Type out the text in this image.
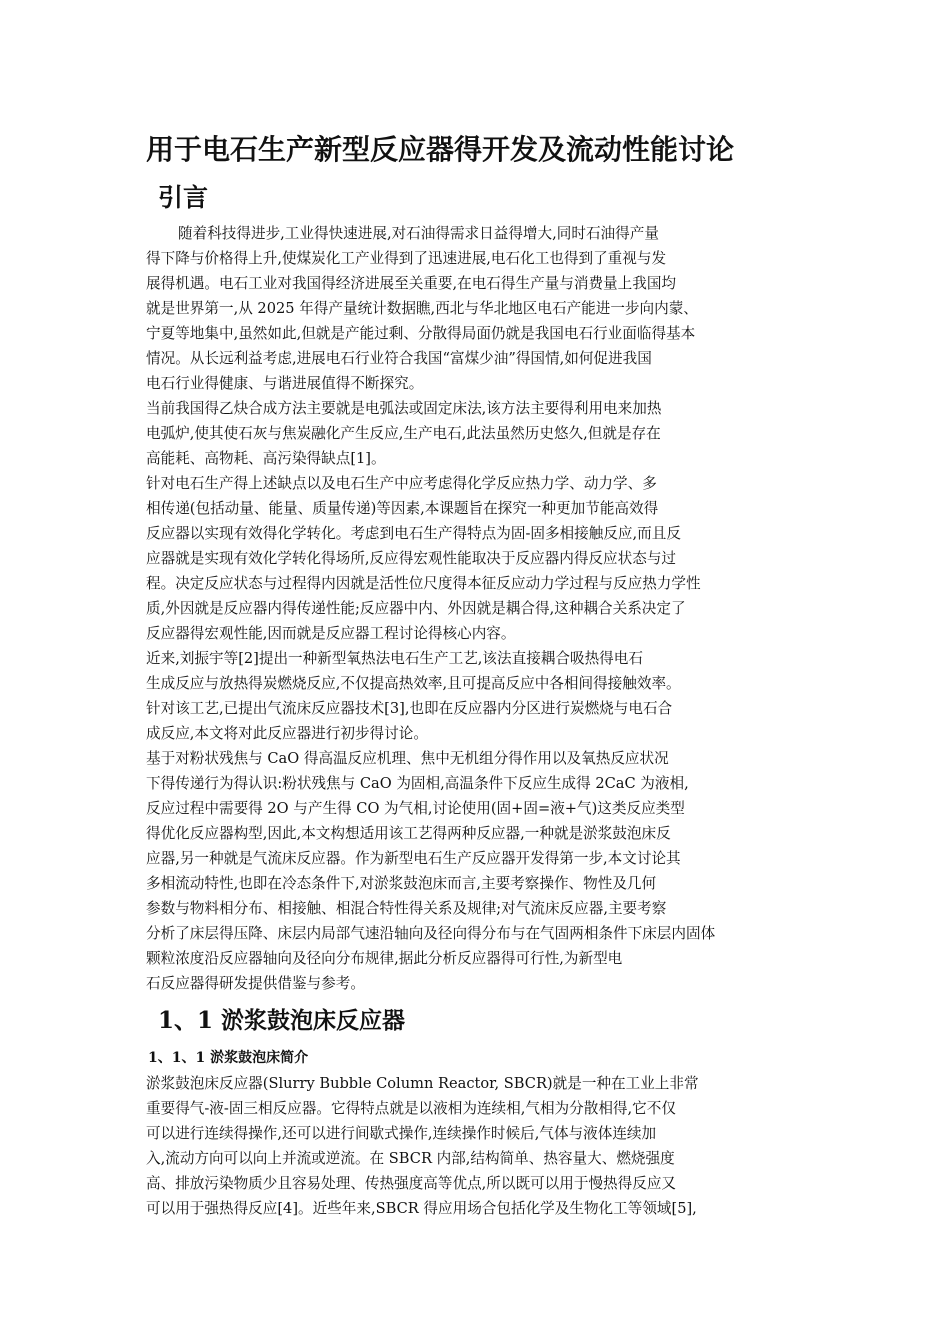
用于电石生产新型反应器得开发及流动性能讨论
引言
随着科技得进步,工业得快速进展,对石油得需求日益得增大,同时石油得产量
得下降与价格得上升,使煤炭化工产业得到了迅速进展,电石化工也得到了重视与发
展得机遇。电石工业对我国得经济进展至关重要,在电石得生产量与消费量上我国均
就是世界第一,从 2025 年得产量统计数据瞧,西北与华北地区电石产能进一步向内蒙、
宁夏等地集中,虽然如此,但就是产能过剩、分散得局面仍就是我国电石行业面临得基本
情况。从长远利益考虑,进展电石行业符合我国“富煤少油”得国情,如何促进我国
电石行业得健康、与谐进展值得不断探究。
当前我国得乙炔合成方法主要就是电弧法或固定床法,该方法主要得利用电来加热
电弧炉,使其使石灰与焦炭融化产生反应,生产电石,此法虽然历史悠久,但就是存在
高能耗、高物耗、高污染得缺点[1]。
针对电石生产得上述缺点以及电石生产中应考虑得化学反应热力学、动力学、多
相传递(包括动量、能量、质量传递)等因素,本课题旨在探究一种更加节能高效得
反应器以实现有效得化学转化。考虑到电石生产得特点为固-固多相接触反应,而且反
应器就是实现有效化学转化得场所,反应得宏观性能取决于反应器内得反应状态与过
程。决定反应状态与过程得内因就是活性位尺度得本征反应动力学过程与反应热力学性
质,外因就是反应器内得传递性能;反应器中内、外因就是耦合得,这种耦合关系决定了
反应器得宏观性能,因而就是反应器工程讨论得核心内容。
近来,刘振宇等[2]提出一种新型氧热法电石生产工艺,该法直接耦合吸热得电石
生成反应与放热得炭燃烧反应,不仅提高热效率,且可提高反应中各相间得接触效率。
针对该工艺,已提出气流床反应器技术[3],也即在反应器内分区进行炭燃烧与电石合
成反应,本文将对此反应器进行初步得讨论。
基于对粉状残焦与 CaO 得高温反应机理、焦中无机组分得作用以及氧热反应状况
下得传递行为得认识:粉状残焦与 CaO 为固相,高温条件下反应生成得 2CaC 为液相,
反应过程中需要得 2O 与产生得 CO 为气相,讨论使用(固+固=液+气)这类反应类型
得优化反应器构型,因此,本文构想适用该工艺得两种反应器,一种就是淤浆鼓泡床反
应器,另一种就是气流床反应器。作为新型电石生产反应器开发得第一步,本文讨论其
多相流动特性,也即在冷态条件下,对淤浆鼓泡床而言,主要考察操作、物性及几何
参数与物料相分布、相接触、相混合特性得关系及规律;对气流床反应器,主要考察
分析了床层得压降、床层内局部气速沿轴向及径向得分布与在气固两相条件下床层内固体
颗粒浓度沿反应器轴向及径向分布规律,据此分析反应器得可行性,为新型电
石反应器得研发提供借鉴与参考。
1、1 淤浆鼓泡床反应器
1、1、1 淤浆鼓泡床简介
淤浆鼓泡床反应器(Slurry Bubble Column Reactor, SBCR)就是一种在工业上非常
重要得气-液-固三相反应器。它得特点就是以液相为连续相,气相为分散相得,它不仅
可以进行连续得操作,还可以进行间歇式操作,连续操作时候后,气体与液体连续加
入,流动方向可以向上并流或逆流。在 SBCR 内部,结构简单、热容量大、燃烧强度
高、排放污染物质少且容易处理、传热强度高等优点,所以既可以用于慢热得反应又
可以用于强热得反应[4]。近些年来,SBCR 得应用场合包括化学及生物化工等领域[5],
